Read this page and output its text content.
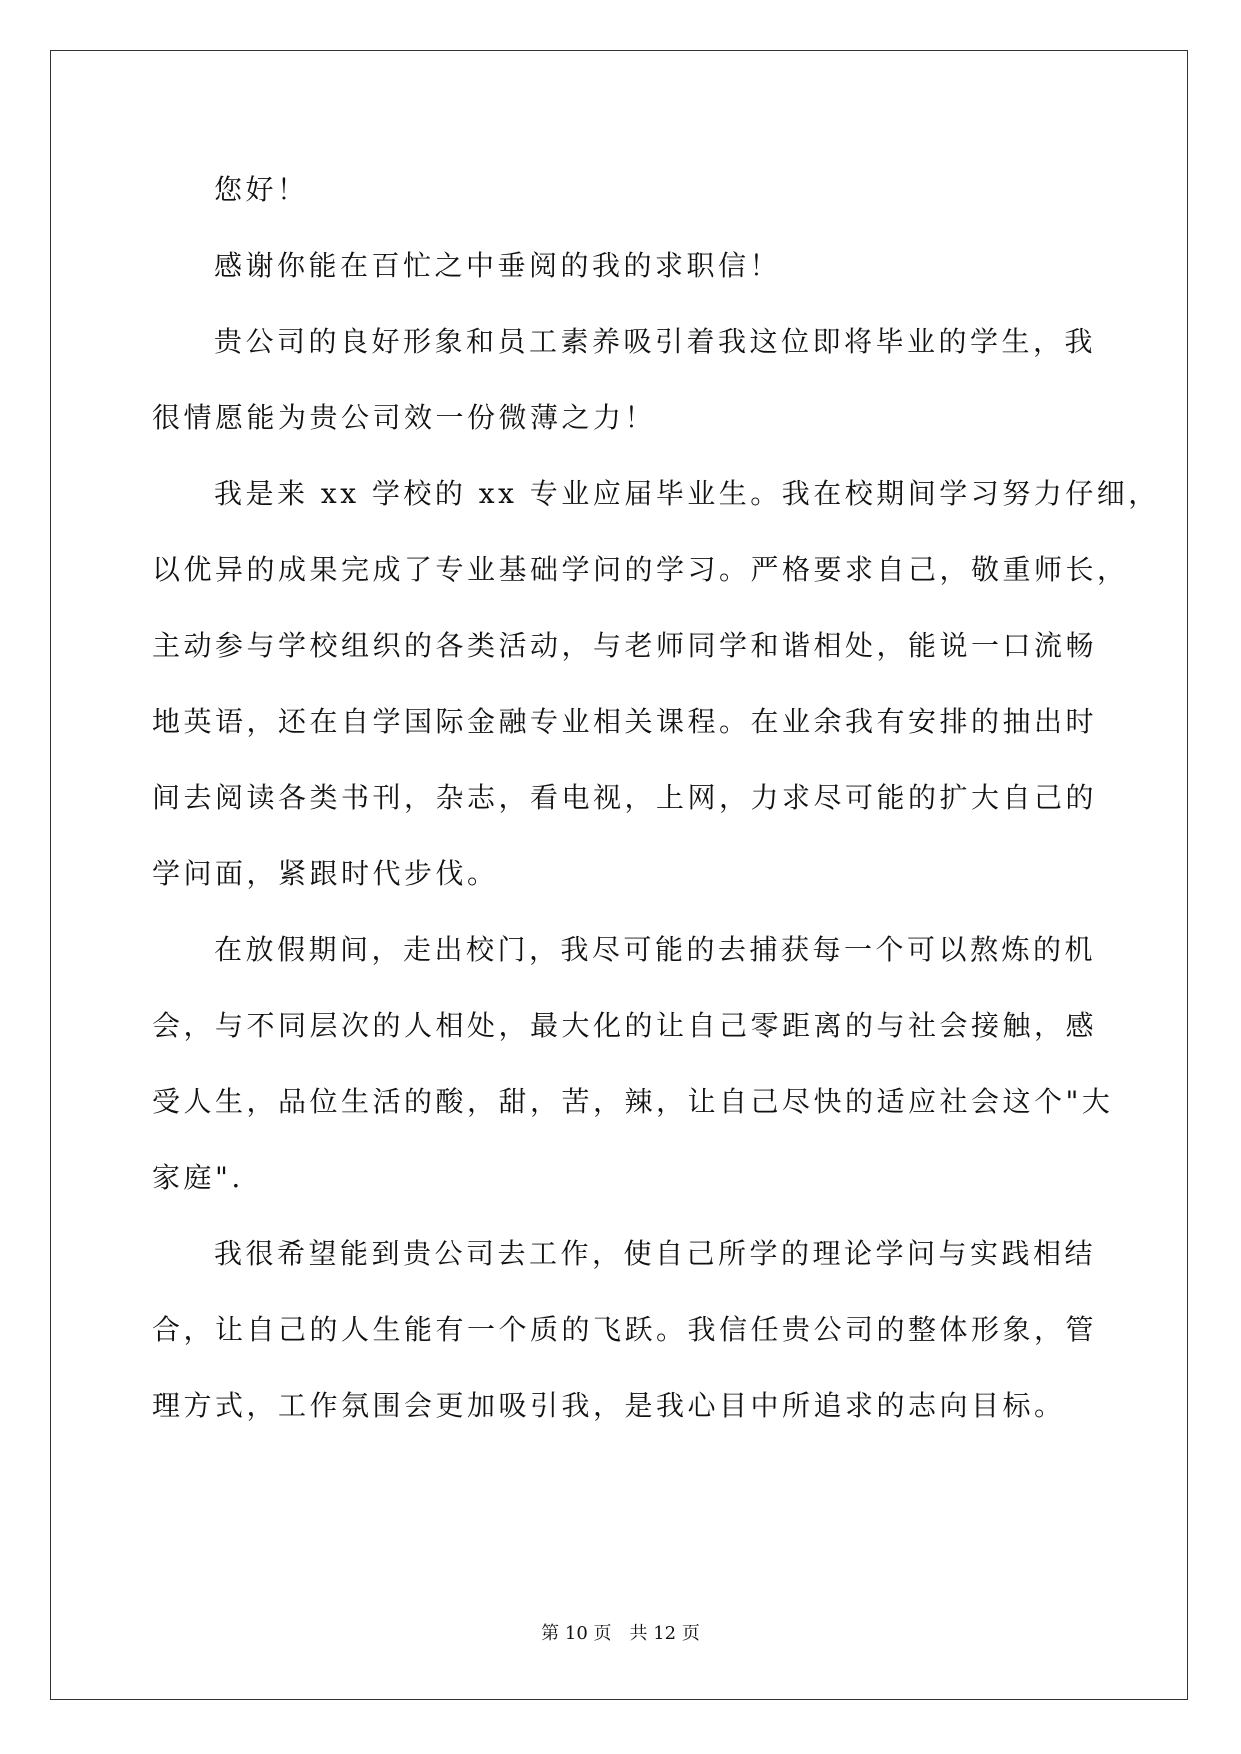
您好！
感谢你能在百忙之中垂阅的我的求职信！
贵公司的良好形象和员工素养吸引着我这位即将毕业的学生，我
很情愿能为贵公司效一份微薄之力！
我是来 xx 学校的 xx 专业应届毕业生。我在校期间学习努力仔细，
以优异的成果完成了专业基础学问的学习。严格要求自己，敬重师长，
主动参与学校组织的各类活动，与老师同学和谐相处，能说一口流畅
地英语，还在自学国际金融专业相关课程。在业余我有安排的抽出时
间去阅读各类书刊，杂志，看电视，上网，力求尽可能的扩大自己的
学问面，紧跟时代步伐。
在放假期间，走出校门，我尽可能的去捕获每一个可以熬炼的机
会，与不同层次的人相处，最大化的让自己零距离的与社会接触，感
受人生，品位生活的酸，甜，苦，辣，让自己尽快的适应社会这个"大
家庭".
我很希望能到贵公司去工作，使自己所学的理论学问与实践相结
合，让自己的人生能有一个质的飞跃。我信任贵公司的整体形象，管
理方式，工作氛围会更加吸引我，是我心目中所追求的志向目标。
第 10 页　共 12 页
